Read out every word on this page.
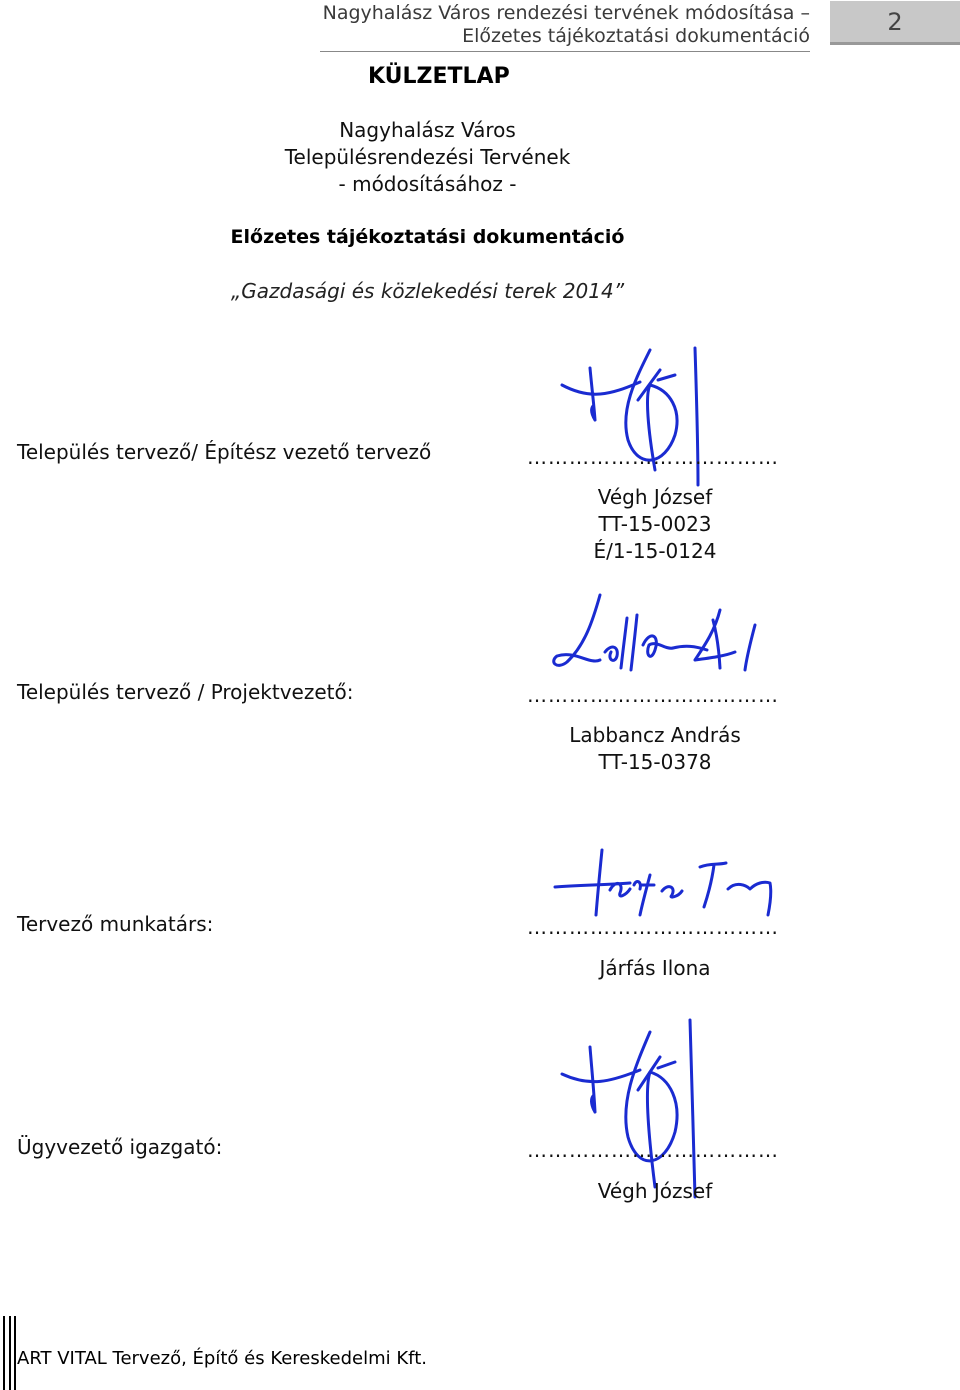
Nagyhalász Város rendezési tervének módosítása –
Előzetes tájékoztatási dokumentáció
2
KÜLZETLAP
Nagyhalász Város
Településrendezési Tervének
- módosításához -
Előzetes tájékoztatási dokumentáció
„Gazdasági és közlekedési terek 2014”
Település tervező/ Építész vezető tervező	………………………………
Végh József
TT-15-0023
É/1-15-0124
Település tervező / Projektvezető:	………………………………
Labbancz András
TT-15-0378
Tervező munkatárs:	………………………………
Járfás Ilona
Ügyvezető igazgató:	………………………………
Végh József
ART VITAL Tervező, Építő és Kereskedelmi Kft.
